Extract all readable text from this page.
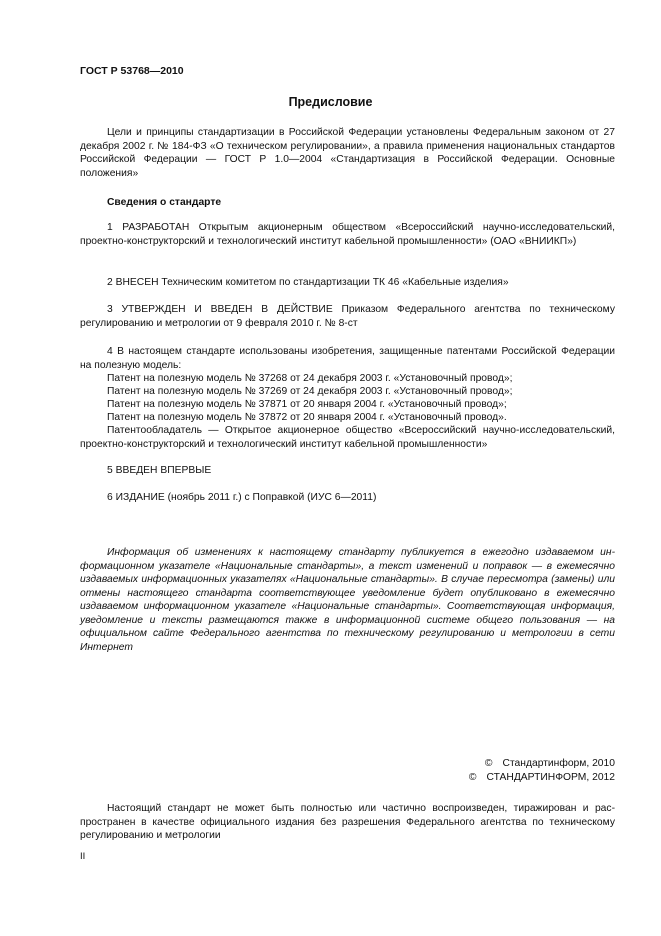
ГОСТ Р 53768—2010
Предисловие

Цели и принципы стандартизации в Российской Федерации установлены Федеральным законом от 27 декабря 2002 г. № 184-ФЗ «О техническом регулировании», а правила применения национальных стандартов Российской Федерации — ГОСТ Р 1.0—2004 «Стандартизация в Российской Федерации. Основные положения»

Сведения о стандарте

1 РАЗРАБОТАН Открытым акционерным обществом «Всероссийский научно-исследовательский, проектно-конструкторский и технологический институт кабельной промышленности» (ОАО «ВНИИКП»)

2 ВНЕСЕН Техническим комитетом по стандартизации ТК 46 «Кабельные изделия»

3 УТВЕРЖДЕН И ВВЕДЕН В ДЕЙСТВИЕ Приказом Федерального агентства по техническому регулированию и метрологии от 9 февраля 2010 г. № 8-ст

4 В настоящем стандарте использованы изобретения, защищенные патентами Российской Федерации на полезную модель:

Патент на полезную модель № 37268 от 24 декабря 2003 г. «Установочный провод»;
Патент на полезную модель № 37269 от 24 декабря 2003 г. «Установочный провод»;
Патент на полезную модель № 37871 от 20 января 2004 г. «Установочный провод»;
Патент на полезную модель № 37872 от 20 января 2004 г. «Установочный провод».

Патентообладатель — Открытое акционерное общество «Всероссийский научно-исследовательский, проектно-конструкторский и технологический институт кабельной промышленности»

5 ВВЕДЕН ВПЕРВЫЕ
6 ИЗДАНИЕ (ноябрь 2011 г.) с Поправкой (ИУС 6—2011)

Информация об изменениях к настоящему стандарту публикуется в ежегодно издаваемом информационном указателе «Национальные стандарты», а текст изменений и поправок — в ежемесячно издаваемых информационных указателях «Национальные стандарты». В случае пересмотра (замены) или отмены настоящего стандарта соответствующее уведомление будет опубликовано в ежемесячно издаваемом информационном указателе «Национальные стандарты». Соответствующая информация, уведомление и тексты размещаются также в информационной системе общего пользования — на официальном сайте Федерального агентства по техническому регулированию и метрологии в сети Интернет

© Стандартинформ, 2010
© СТАНДАРТИНФОРМ, 2012

Настоящий стандарт не может быть полностью или частично воспроизведен, тиражирован и распространен в качестве официального издания без разрешения Федерального агентства по техническому регулированию и метрологии

II
